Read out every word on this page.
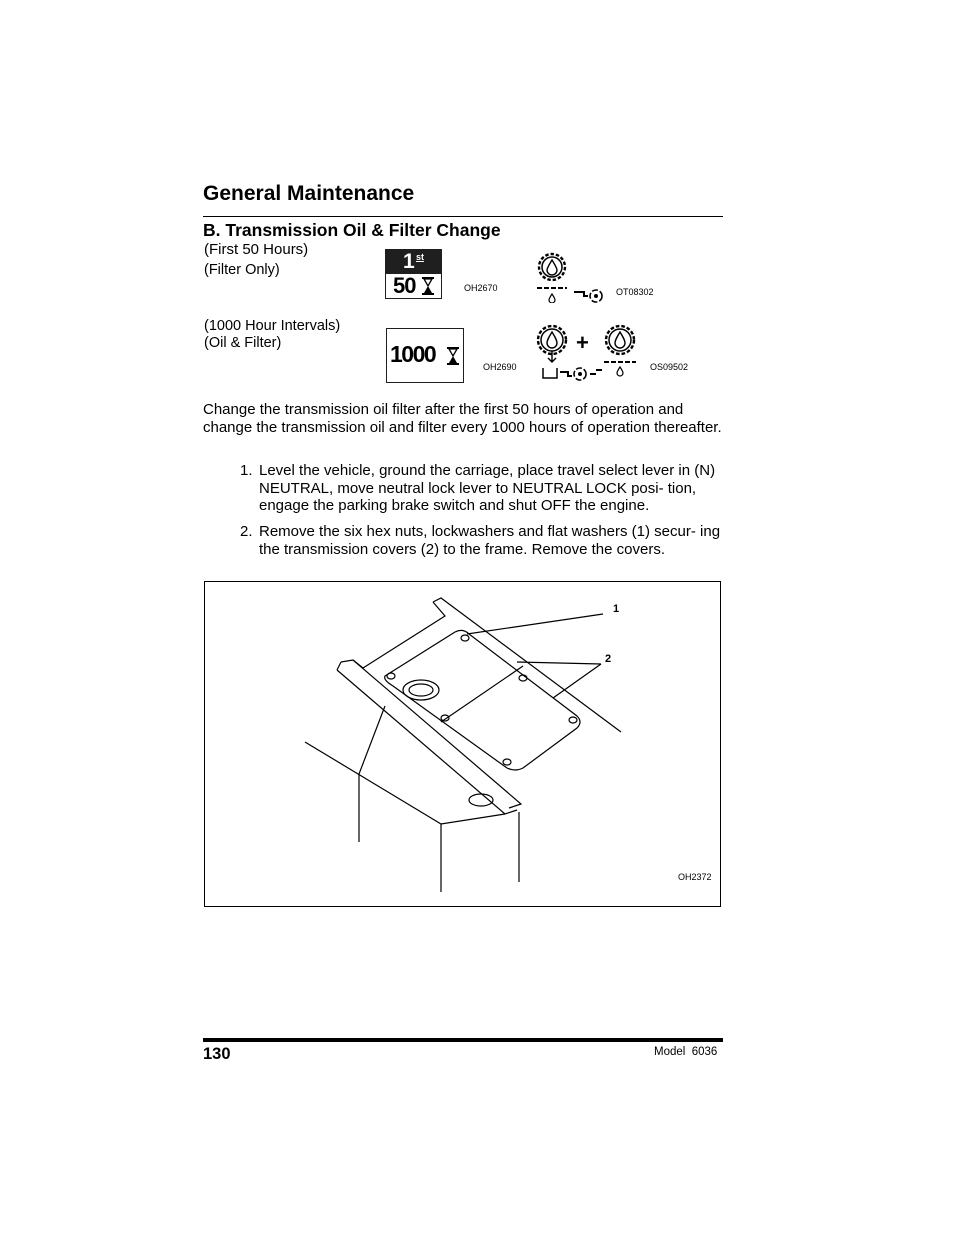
General Maintenance
B. Transmission Oil & Filter Change
(First 50 Hours)
(Filter Only)
(1000 Hour Intervals)
(Oil & Filter)
1 st
50	OH2670	OT08302
1000	OH2690
+
OS09502
Change the transmission oil filter after the first 50 hours of operation and change the transmission oil and filter every 1000 hours of operation thereafter.
1. Level the vehicle, ground the carriage, place travel select lever in (N) NEUTRAL, move neutral lock lever to NEUTRAL LOCK posi- tion, engage the parking brake switch and shut OFF the engine.
2. Remove the six hex nuts, lockwashers and flat washers (1) secur- ing the transmission covers (2) to the frame. Remove the covers.
1
2
OH2372
130	Model  6036
